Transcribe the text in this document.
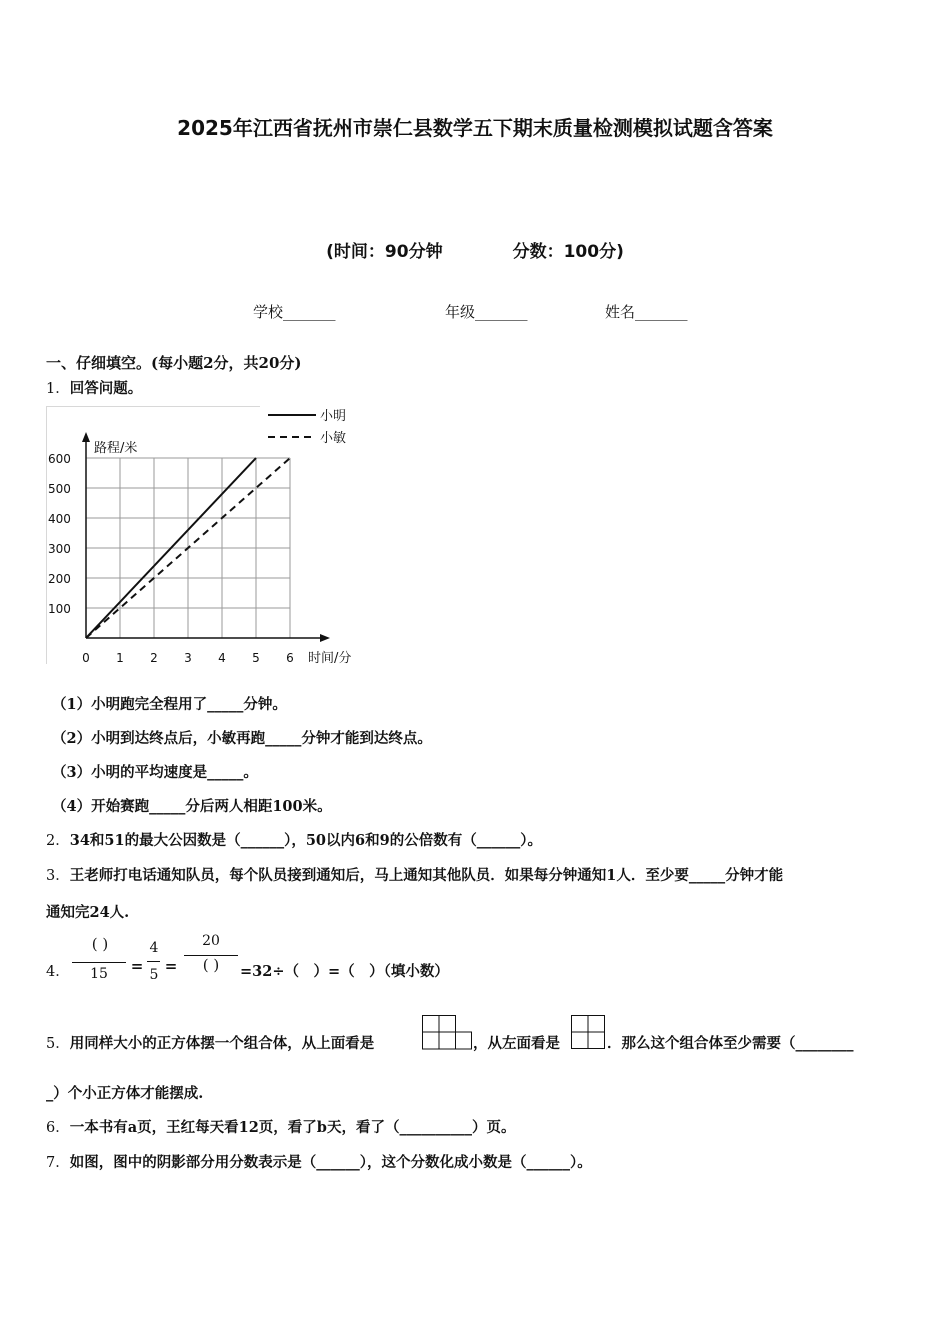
2025年江西省抚州市崇仁县数学五下期末质量检测模拟试题含答案
(时间：90分钟	分数：100分)
学校_______	年级_______	姓名_______
一、仔细填空。(每小题2分，共20分)
1．回答问题。
路程/米
时间/分
0 1 2 3 4 5 6
100
200
300
400
500
600
小明
小敏
（1）小明跑完全程用了_____分钟。
（2）小明到达终点后，小敏再跑_____分钟才能到达终点。
（3）小明的平均速度是_____。
（4）开始赛跑_____分后两人相距100米。
2．34和51的最大公因数是（______），50以内6和9的公倍数有（______）。
3．王老师打电话通知队员，每个队员接到通知后，马上通知其他队员．如果每分钟通知1人．至少要_____分钟才能
通知完24人.
4．
( )
15	=
4
5 =
20
( )	=32÷（　）=（　）（填小数）
5．用同样大小的正方体摆一个组合体，从上面看是	，从左面看是	．那么这个组合体至少需要（________
_）个小正方体才能摆成.
6．一本书有a页，王红每天看12页，看了b天，看了（__________）页。
7．如图，图中的阴影部分用分数表示是（______），这个分数化成小数是（______）。
